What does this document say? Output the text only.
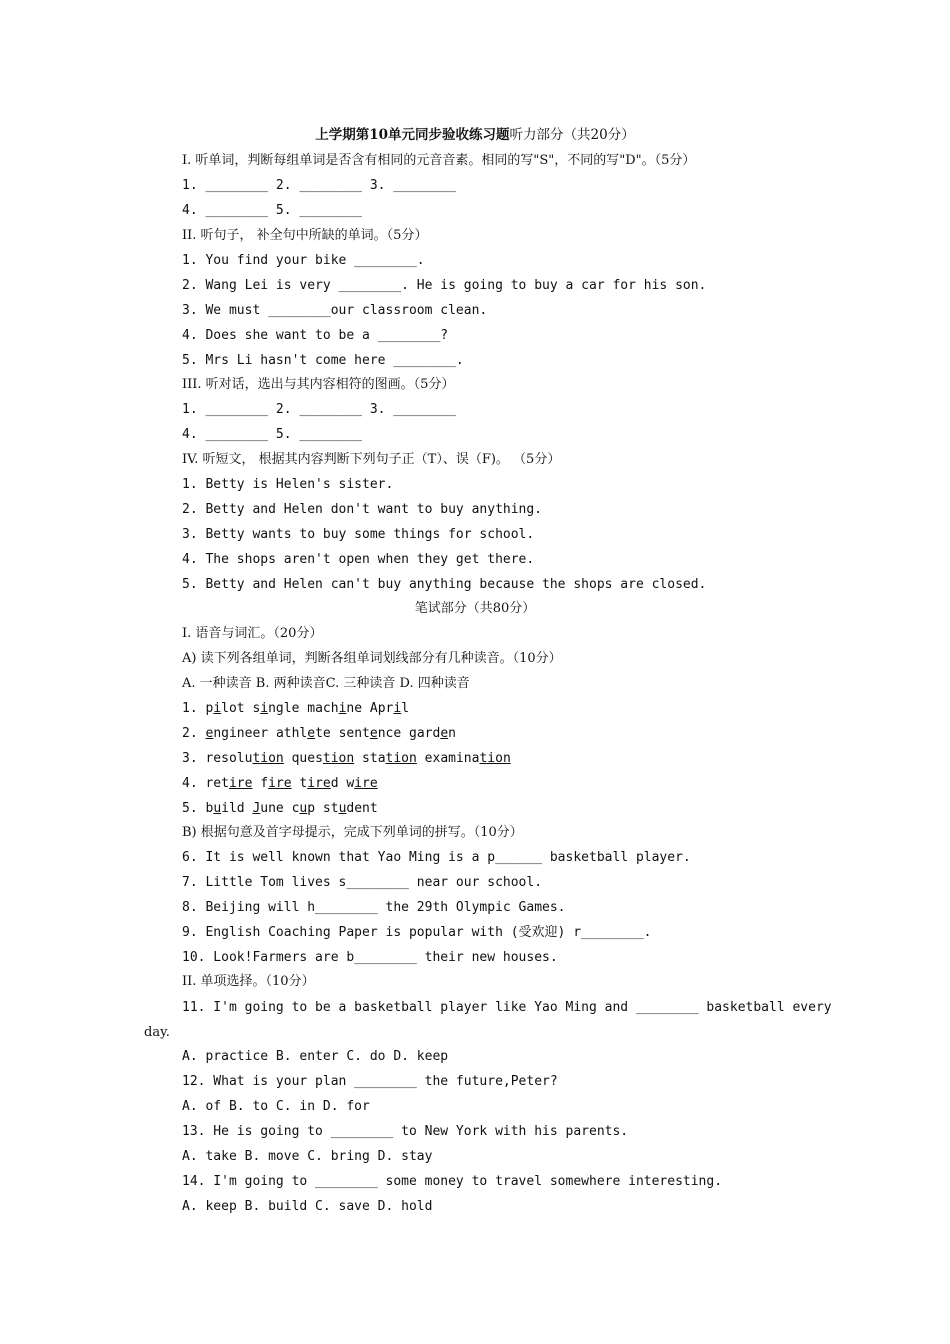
上学期第10单元同步验收练习题听力部分（共20分）
I. 听单词，判断每组单词是否含有相同的元音音素。相同的写"S"，不同的写"D"。（5分）
1. ________ 2. ________ 3. ________
4. ________ 5. ________
II. 听句子， 补全句中所缺的单词。（5分）
1. You find your bike ________.
2. Wang Lei is very ________. He is going to buy a car for his son.
3. We must ________our classroom clean.
4. Does she want to be a ________?
5. Mrs Li hasn't come here ________.
III. 听对话，选出与其内容相符的图画。（5分）
1. ________ 2. ________ 3. ________
4. ________ 5. ________
IV. 听短文， 根据其内容判断下列句子正（T）、误（F)。 （5分）
1. Betty is Helen's sister.
2. Betty and Helen don't want to buy anything.
3. Betty wants to buy some things for school.
4. The shops aren't open when they get there.
5. Betty and Helen can't buy anything because the shops are closed.
笔试部分（共80分）
I. 语音与词汇。（20分）
A) 读下列各组单词，判断各组单词划线部分有几种读音。（10分）
A. 一种读音 B. 两种读音C. 三种读音 D. 四种读音
1. pilot single machine April
2. engineer athlete sentence garden
3. resolution question station examination
4. retire fire tired wire
5. build June cup student
B) 根据句意及首字母提示，完成下列单词的拼写。（10分）
6. It is well known that Yao Ming is a p______ basketball player.
7. Little Tom lives s________ near our school.
8. Beijing will h________ the 29th Olympic Games.
9. English Coaching Paper is popular with (受欢迎) r________.
10. Look!Farmers are b________ their new houses.
II. 单项选择。（10分）
11. I'm going to be a basketball player like Yao Ming and ________ basketball every
day.
A. practice B. enter C. do D. keep
12. What is your plan ________ the future,Peter?
A. of B. to C. in D. for
13. He is going to ________ to New York with his parents.
A. take B. move C. bring D. stay
14. I'm going to ________ some money to travel somewhere interesting.
A. keep B. build C. save D. hold
